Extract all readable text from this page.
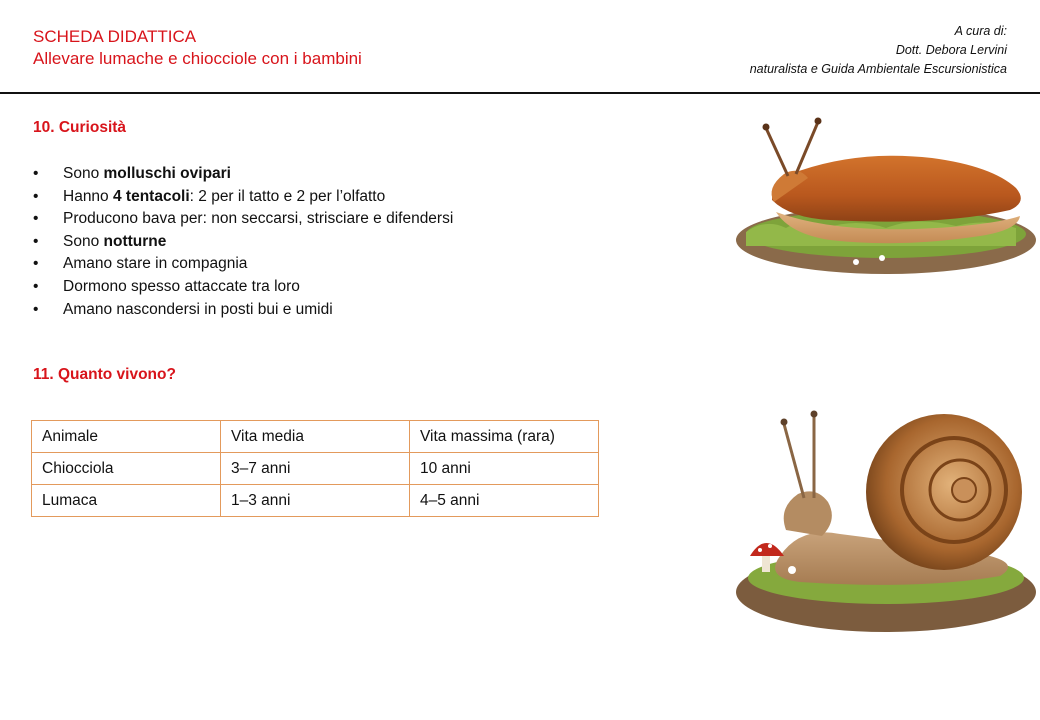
SCHEDA DIDATTICA
Allevare lumache e chiocciole con i bambini
A cura di:
Dott. Debora Lervini
naturalista e Guida Ambientale Escursionistica
10. Curiosità
• Sono molluschi ovipari
• Hanno 4 tentacoli: 2 per il tatto e 2 per l’olfatto
• Producono bava per: non seccarsi, strisciare e difendersi
• Sono notturne
• Amano stare in compagnia
• Dormono spesso attaccate tra loro
• Amano nascondersi in posti bui e umidi
11. Quanto vivono?
Animale	Vita media	Vita massima (rara)
Chiocciola	3–7 anni	10 anni
Lumaca	1–3 anni	4–5 anni
